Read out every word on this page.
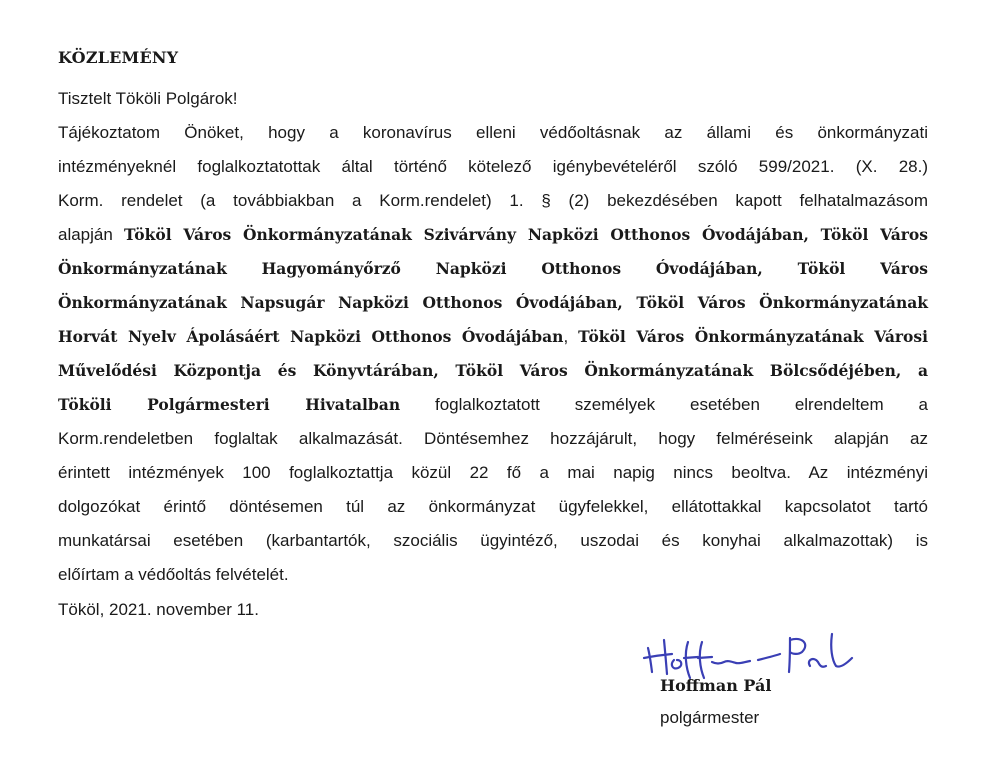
KÖZLEMÉNY
Tisztelt Tököli Polgárok!
Tájékoztatom Önöket, hogy a koronavírus elleni védőoltásnak az állami és önkormányzati
intézményeknél foglalkoztatottak által történő kötelező igénybevételéről szóló 599/2021. (X. 28.)
Korm. rendelet (a továbbiakban a Korm.rendelet) 1. § (2) bekezdésében kapott felhatalmazásom
alapján Tököl Város Önkormányzatának Szivárvány Napközi Otthonos Óvodájában, Tököl Város
Önkormányzatának Hagyományőrző Napközi Otthonos Óvodájában, Tököl Város
Önkormányzatának Napsugár Napközi Otthonos Óvodájában, Tököl Város Önkormányzatának
Horvát Nyelv Ápolásáért Napközi Otthonos Óvodájában, Tököl Város Önkormányzatának Városi
Művelődési Központja és Könyvtárában, Tököl Város Önkormányzatának Bölcsődéjében, a
Tököli Polgármesteri Hivatalban foglalkoztatott személyek esetében elrendeltem a
Korm.rendeletben foglaltak alkalmazását. Döntésemhez hozzájárult, hogy felméréseink alapján az
érintett intézmények 100 foglalkoztattja közül 22 fő a mai napig nincs beoltva. Az intézményi
dolgozókat érintő döntésemen túl az önkormányzat ügyfelekkel, ellátottakkal kapcsolatot tartó
munkatársai esetében (karbantartók, szociális ügyintéző, uszodai és konyhai alkalmazottak) is
előírtam a védőoltás felvételét.
Tököl, 2021. november 11.
Hoffman Pál
polgármester
